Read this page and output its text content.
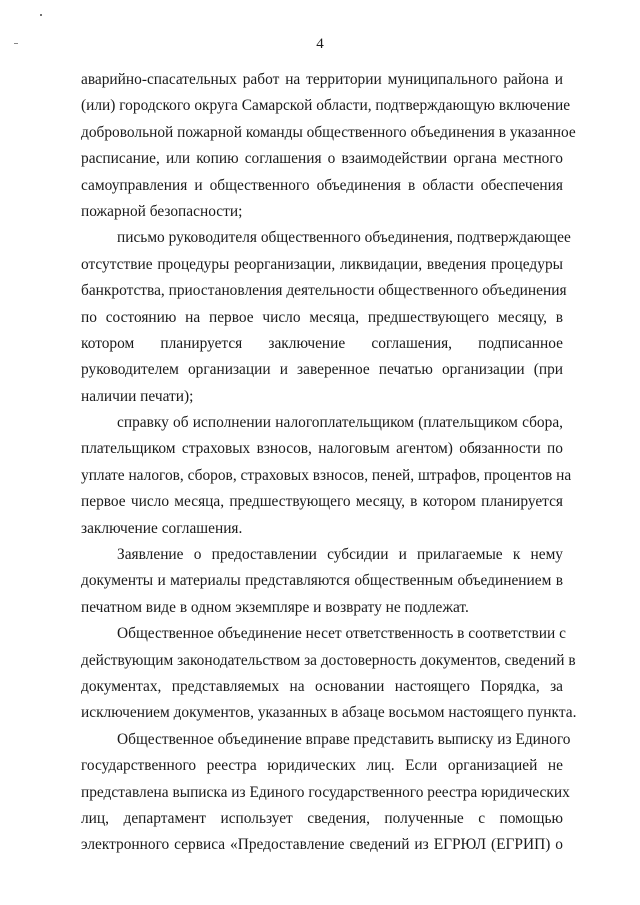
4
аварийно-спасательных работ на территории муниципального района и
(или) городского округа Самарской области, подтверждающую включение
добровольной пожарной команды общественного объединения в указанное
расписание, или копию соглашения о взаимодействии органа местного
самоуправления и общественного объединения в области обеспечения
пожарной безопасности;
письмо руководителя общественного объединения, подтверждающее
отсутствие процедуры реорганизации, ликвидации, введения процедуры
банкротства, приостановления деятельности общественного объединения
по состоянию на первое число месяца, предшествующего месяцу, в
котором планируется заключение соглашения, подписанное
руководителем организации и заверенное печатью организации (при
наличии печати);
справку об исполнении налогоплательщиком (плательщиком сбора,
плательщиком страховых взносов, налоговым агентом) обязанности по
уплате налогов, сборов, страховых взносов, пеней, штрафов, процентов на
первое число месяца, предшествующего месяцу, в котором планируется
заключение соглашения.
Заявление о предоставлении субсидии и прилагаемые к нему
документы и материалы представляются общественным объединением в
печатном виде в одном экземпляре и возврату не подлежат.
Общественное объединение несет ответственность в соответствии с
действующим законодательством за достоверность документов, сведений в
документах, представляемых на основании настоящего Порядка, за
исключением документов, указанных в абзаце восьмом настоящего пункта.
Общественное объединение вправе представить выписку из Единого
государственного реестра юридических лиц. Если организацией не
представлена выписка из Единого государственного реестра юридических
лиц, департамент использует сведения, полученные с помощью
электронного сервиса «Предоставление сведений из ЕГРЮЛ (ЕГРИП) о
